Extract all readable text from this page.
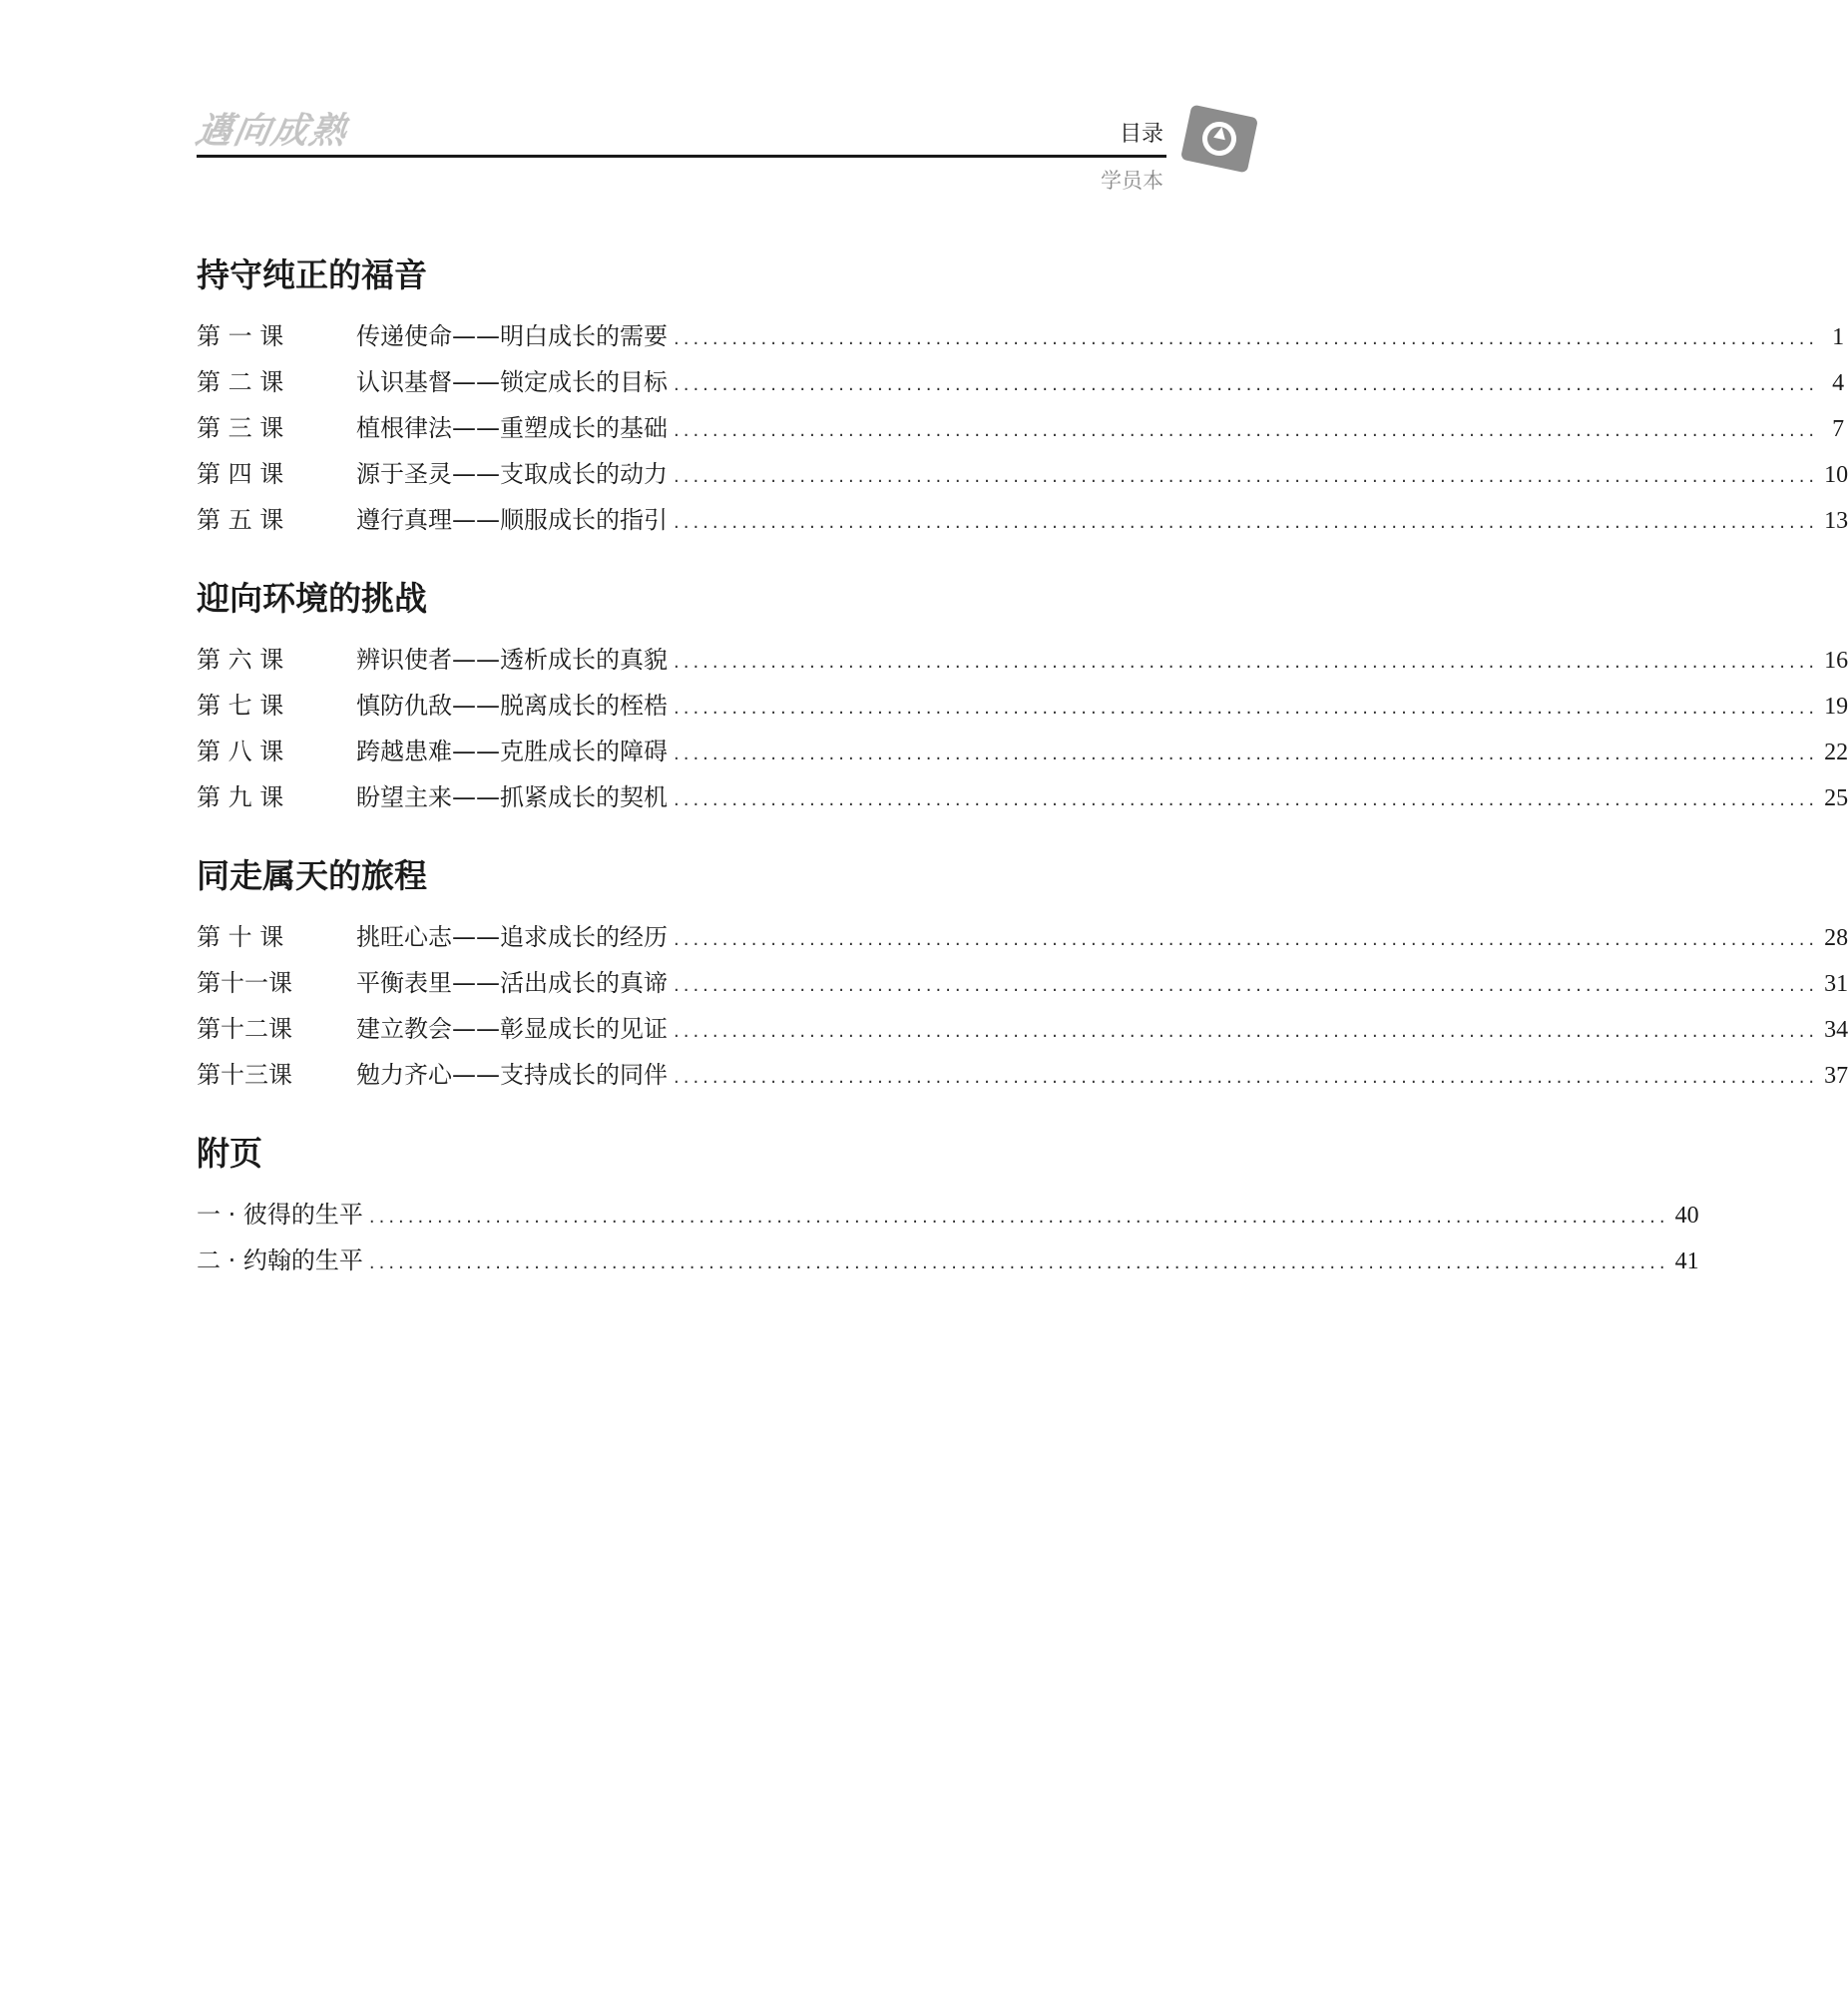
邁向成熟	目录
学员本
持守纯正的福音
第 一 课	传递使命——明白成长的需要 ...................................................................................................................... 1
第 二 课	认识基督——锁定成长的目标 ...................................................................................................................... 4
第 三 课	植根律法——重塑成长的基础 ...................................................................................................................... 7
第 四 课	源于圣灵——支取成长的动力 ...................................................................................................................... 10
第 五 课	遵行真理——顺服成长的指引 ...................................................................................................................... 13
迎向环境的挑战
第 六 课	辨识使者——透析成长的真貌 ...................................................................................................................... 16
第 七 课	慎防仇敌——脱离成长的桎梏 ...................................................................................................................... 19
第 八 课	跨越患难——克胜成长的障碍 ...................................................................................................................... 22
第 九 课	盼望主来——抓紧成长的契机 ...................................................................................................................... 25
同走属天的旅程
第 十 课	挑旺心志——追求成长的经历 ...................................................................................................................... 28
第十一课	平衡表里——活出成长的真谛 ...................................................................................................................... 31
第十二课	建立教会——彰显成长的见证 ...................................................................................................................... 34
第十三课	勉力齐心——支持成长的同伴 ...................................................................................................................... 37
附页
一 · 彼得的生平 ...................................................................................................................................... 40
二 · 约翰的生平 ...................................................................................................................................... 41
